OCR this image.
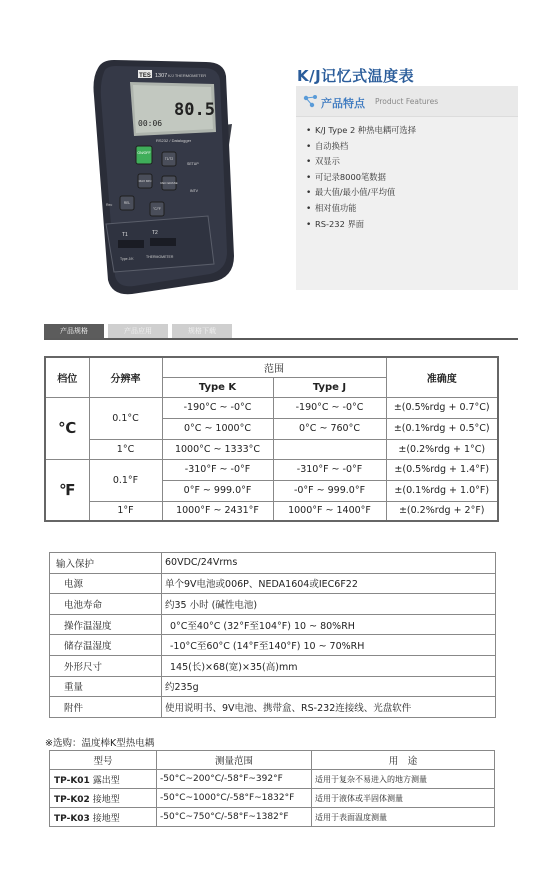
TES 1307 K/J THERMOMETER
80.5
00:06
RS232 / Datalogger
ON/OFF
T1/T2
MAX MIN	REC ERASE
REL
°C/°F
Rec
SETUP
INTV
T1	T2
Type J/K	THERMOMETER
K/J记忆式温度表
产品特点 Product Features
• K/J Type 2 种热电耦可选择
• 自动换档
• 双显示
• 可记录8000笔数据
• 最大值/最小值/平均值
• 相对值功能
• RS-232 界面
产品规格	产品应用	规格下载
档位	分辨率	范围		准确度
		Type K	Type J	
℃	0.1°C	-190°C ~ -0°C	-190°C ~ -0°C	±(0.5%rdg + 0.7°C)
		0°C ~ 1000°C	0°C ~ 760°C	±(0.1%rdg + 0.5°C)
	1°C	1000°C ~ 1333°C		±(0.2%rdg + 1°C)
℉	0.1°F	-310°F ~ -0°F	-310°F ~ -0°F	±(0.5%rdg + 1.4°F)
		0°F ~ 999.0°F	-0°F ~ 999.0°F	±(0.1%rdg + 1.0°F)
	1°F	1000°F ~ 2431°F	1000°F ~ 1400°F	±(0.2%rdg + 2°F)
输入保护	60VDC/24Vrms
电源	单个9V电池或006P、NEDA1604或IEC6F22
电池寿命	约35 小时 (碱性电池)
操作温湿度	0°C至40°C (32°F至104°F) 10 ~ 80%RH
储存温湿度	-10°C至60°C (14°F至140°F) 10 ~ 70%RH
外形尺寸	145(长)×68(宽)×35(高)mm
重量	约235g
附件	使用说明书、9V电池、携带盒、RS-232连接线、光盘软件
※选购：温度棒K型热电耦
型号	测量范围	用　途
TP-K01 露出型	-50°C~200°C/-58°F~392°F	适用于复杂不易进入的地方测量
TP-K02 接地型	-50°C~1000°C/-58°F~1832°F	适用于液体或半固体测量
TP-K03 接地型	-50°C~750°C/-58°F~1382°F	适用于表面温度测量
